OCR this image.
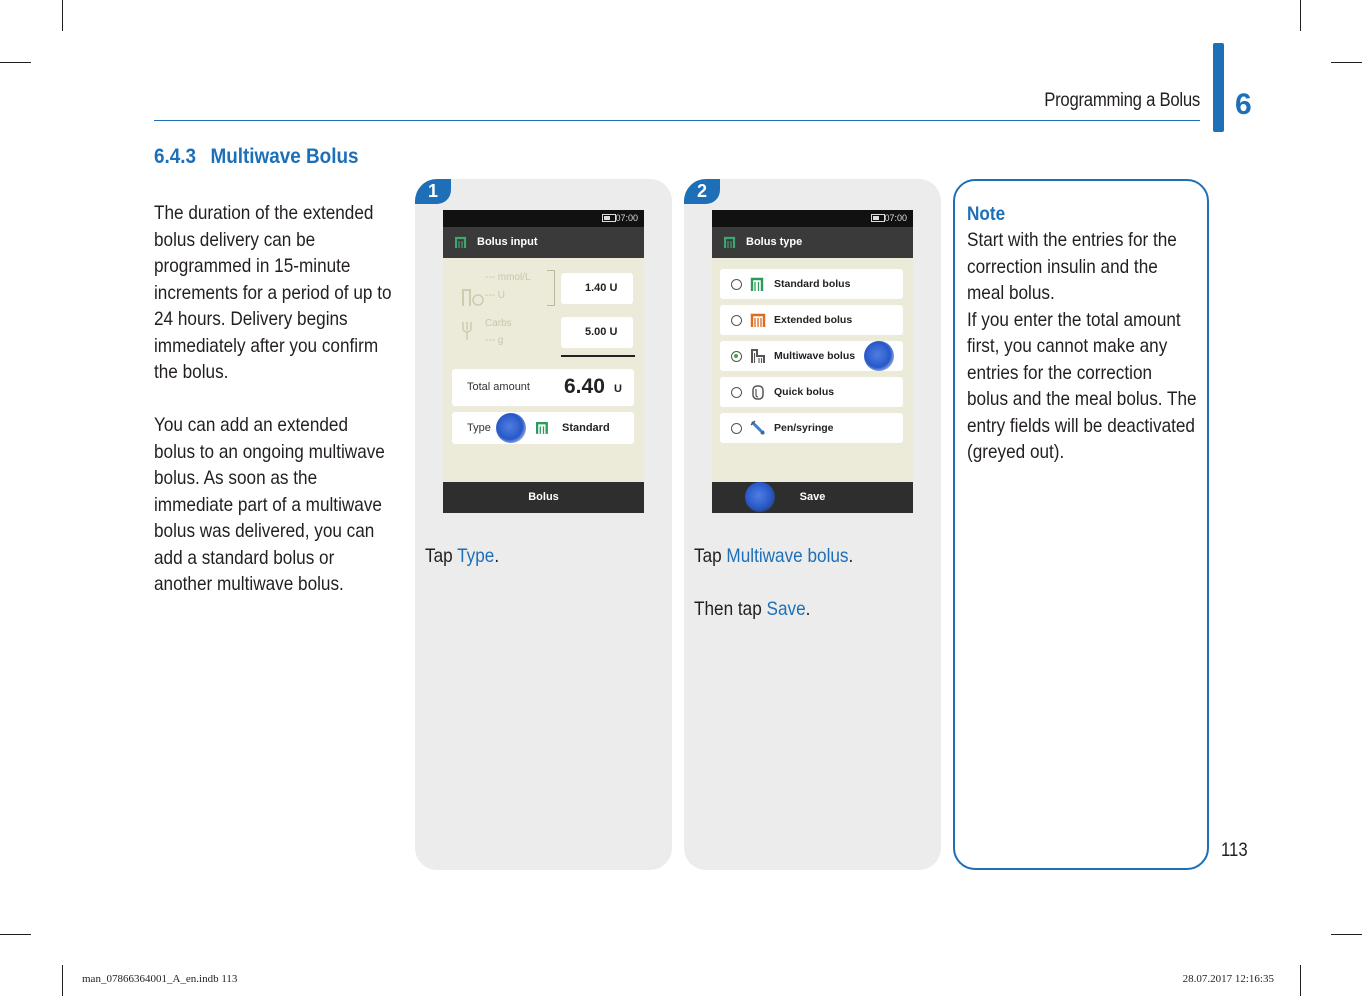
Programming a Bolus 6
6.4.3 Multiwave Bolus
The duration of the extended bolus delivery can be programmed in 15-minute increments for a period of up to 24 hours. Delivery begins immediately after you confirm the bolus.
You can add an extended bolus to an ongoing multiwave bolus. As soon as the immediate part of a multiwave bolus was delivered, you can add a standard bolus or another multiwave bolus.
1
07:00
Bolus input
--- mmol/L
--- U
Carbs
--- g
1.40 U
5.00 U
Total amount 6.40 U
Type	Standard
Bolus
Tap Type.
2
07:00
Bolus type
Standard bolus
Extended bolus
Multiwave bolus
Quick bolus
Pen/syringe
Save
Tap Multiwave bolus.
Then tap Save.
Note
Start with the entries for the correction insulin and the meal bolus.
If you enter the total amount first, you cannot make any entries for the correction bolus and the meal bolus. The entry fields will be deactivated (greyed out).
113
man_07866364001_A_en.indb 113	28.07.2017 12:16:35
